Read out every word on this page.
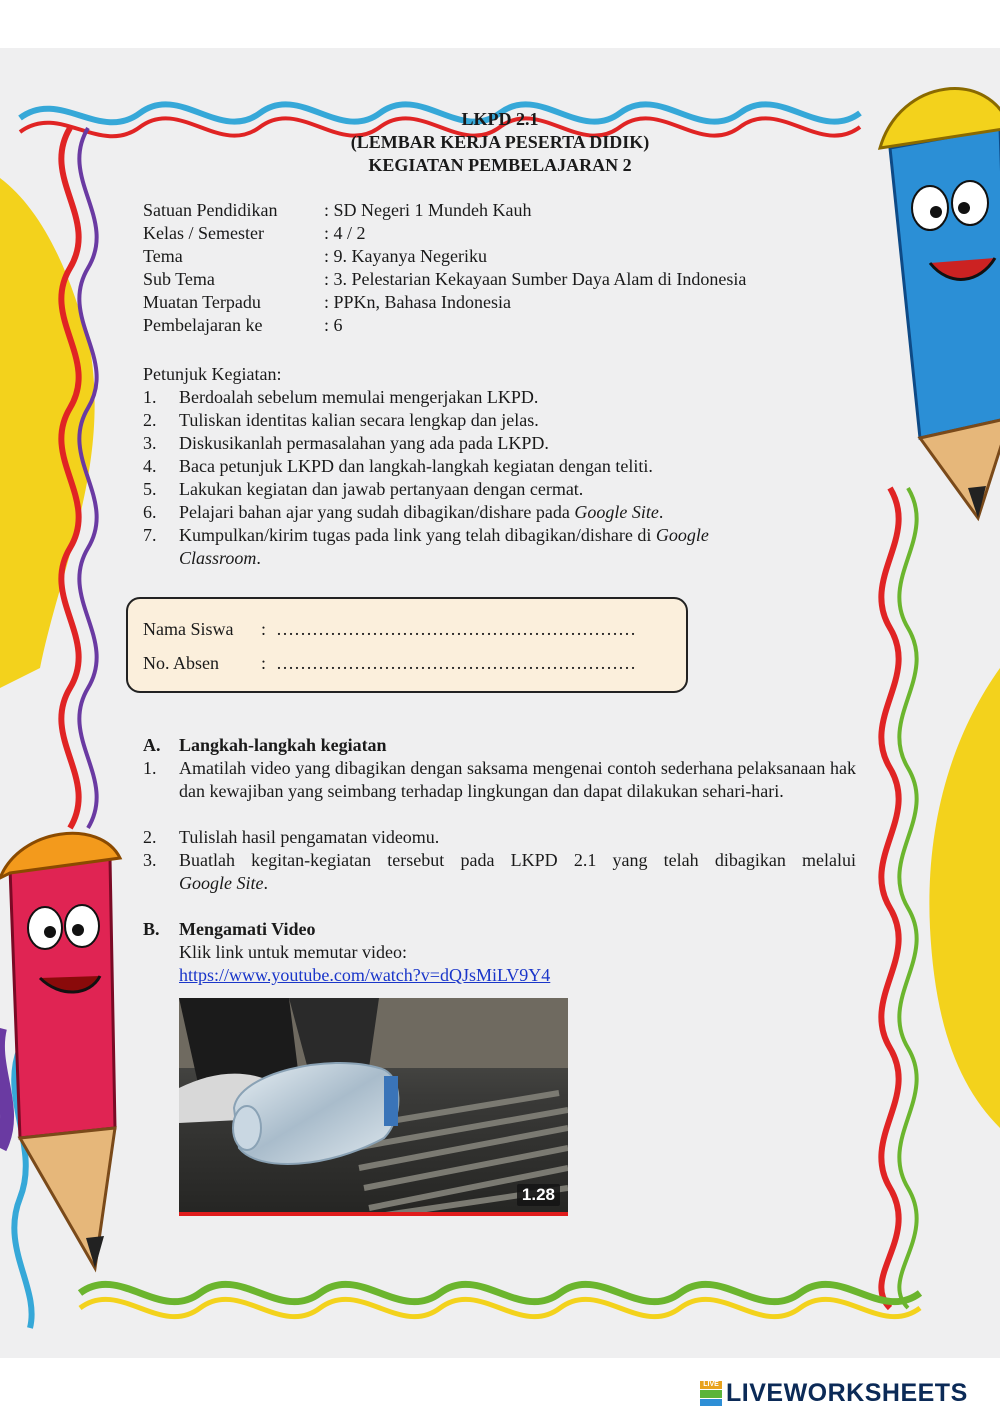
LKPD 2.1
(LEMBAR KERJA PESERTA DIDIK)
KEGIATAN PEMBELAJARAN 2
Satuan Pendidikan	: SD Negeri 1 Mundeh Kauh
Kelas / Semester	: 4 / 2
Tema	: 9. Kayanya Negeriku
Sub Tema	: 3. Pelestarian Kekayaan Sumber Daya Alam di Indonesia
Muatan Terpadu	: PPKn, Bahasa Indonesia
Pembelajaran ke	: 6
Petunjuk Kegiatan:
1. Berdoalah sebelum memulai mengerjakan LKPD.
2. Tuliskan identitas kalian secara lengkap dan jelas.
3. Diskusikanlah permasalahan yang ada pada LKPD.
4. Baca petunjuk LKPD dan langkah-langkah kegiatan dengan teliti.
5. Lakukan kegiatan dan jawab pertanyaan dengan cermat.
6. Pelajari bahan ajar yang sudah dibagikan/dishare pada Google Site.
7. Kumpulkan/kirim tugas pada link yang telah dibagikan/dishare di Google
Classroom.
Nama Siswa : ……………………………………………………
No. Absen : ……………………………………………………
A. Langkah-langkah kegiatan
1. Amatilah video yang dibagikan dengan saksama mengenai contoh sederhana pelaksanaan hak dan kewajiban yang seimbang terhadap lingkungan dan dapat dilakukan sehari-hari.
2. Tulislah hasil pengamatan videomu.
3. Buatlah kegitan-kegiatan tersebut pada LKPD 2.1 yang telah dibagikan melalui
Google Site.
B. Mengamati Video
Klik link untuk memutar video:
https://www.youtube.com/watch?v=dQJsMiLV9Y4
1.28
LIVE LIVEWORKSHEETS
